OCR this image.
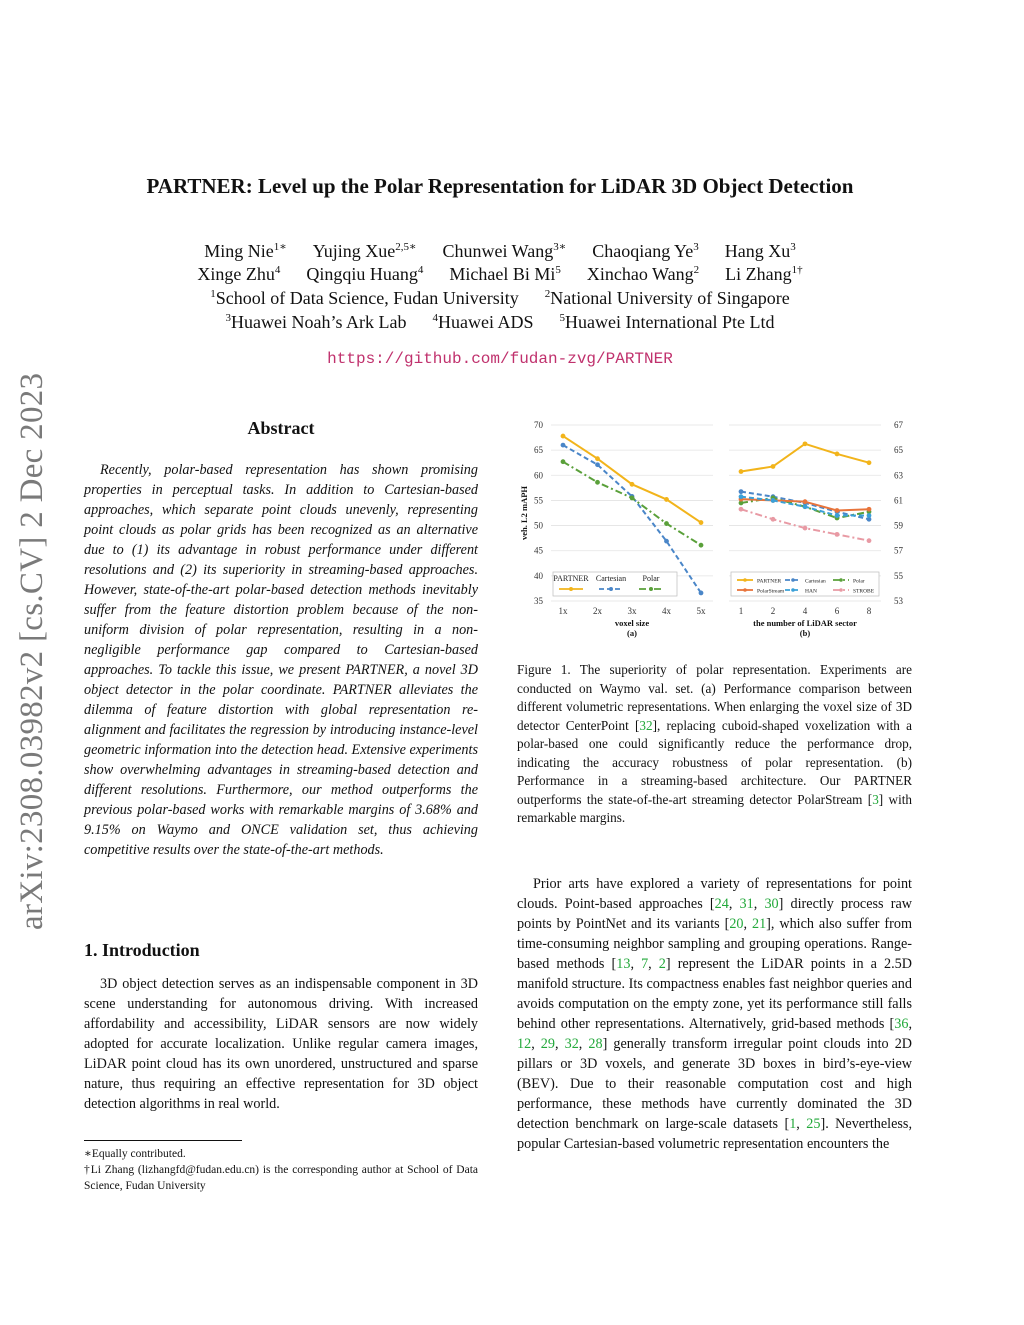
arXiv:2308.03982v2 [cs.CV] 2 Dec 2023
PARTNER: Level up the Polar Representation for LiDAR 3D Object Detection
Ming Nie$^{1∗}$ Yujing Xue$^{2,5∗}$ Chunwei Wang$^{3∗}$ Chaoqiang Ye$^3$ Hang Xu$^3$
Xinge Zhu$^4$ Qingqiu Huang$^4$ Michael Bi Mi$^5$ Xinchao Wang$^2$ Li Zhang$^{1\dagger}$
$^1$School of Data Science, Fudan University $^2$National University of Singapore
$^3$Huawei Noah’s Ark Lab $^4$Huawei ADS $^5$Huawei International Pte Ltd
https://github.com/fudan-zvg/PARTNER
Abstract
Recently, polar-based representation has shown promising properties in perceptual tasks. In addition to Cartesian-based approaches, which separate point clouds unevenly, representing point clouds as polar grids has been recognized as an alternative due to (1) its advantage in robust performance under different resolutions and (2) its superiority in streaming-based approaches. However, state-of-the-art polar-based detection methods inevitably suffer from the feature distortion problem because of the non-uniform division of polar representation, resulting in a non-negligible performance gap compared to Cartesian-based approaches. To tackle this issue, we present PARTNER, a novel 3D object detector in the polar coordinate. PARTNER alleviates the dilemma of feature distortion with global representation re-alignment and facilitates the regression by introducing instance-level geometric information into the detection head. Extensive experiments show overwhelming advantages in streaming-based detection and different resolutions. Furthermore, our method outperforms the previous polar-based works with remarkable margins of 3.68% and 9.15% on Waymo and ONCE validation set, thus achieving competitive results over the state-of-the-art methods.
1. Introduction
3D object detection serves as an indispensable component in 3D scene understanding for autonomous driving. With increased affordability and accessibility, LiDAR sensors are now widely adopted for accurate localization. Unlike regular camera images, LiDAR point cloud has its own unordered, unstructured and sparse nature, thus requiring an effective representation for 3D object detection algorithms in real world.
∗Equally contributed.
†Li Zhang (lizhangfd@fudan.edu.cn) is the corresponding author at School of Data Science, Fudan University
35
40
45
50
55
60
65
70
1x	2x	3x	4x	5x
voxel size
(a)
veh. L2 mAPH
PARTNER Cartesian Polar
53
55
57
59
61
63
65
67
1	2	4	6	8
the number of LiDAR sector
(b)
PARTNER	Cartesian	Polar
PolarStream	HAN	STROBE
Figure 1. The superiority of polar representation. Experiments are conducted on Waymo val. set. (a) Performance comparison between different volumetric representations. When enlarging the voxel size of 3D detector CenterPoint [32], replacing cuboid-shaped voxelization with a polar-based one could significantly reduce the performance drop, indicating the accuracy robustness of polar representation. (b) Performance in a streaming-based architecture. Our PARTNER outperforms the state-of-the-art streaming detector PolarStream [3] with remarkable margins.
Prior arts have explored a variety of representations for point clouds. Point-based approaches [24, 31, 30] directly process raw points by PointNet and its variants [20, 21], which also suffer from time-consuming neighbor sampling and grouping operations. Range-based methods [13, 7, 2] represent the LiDAR points in a 2.5D manifold structure. Its compactness enables fast neighbor queries and avoids computation on the empty zone, yet its performance still falls behind other representations. Alternatively, grid-based methods [36, 12, 29, 32, 28] generally transform irregular point clouds into 2D pillars or 3D voxels, and generate 3D boxes in bird’s-eye-view (BEV). Due to their reasonable computation cost and high performance, these methods have currently dominated the 3D detection benchmark on large-scale datasets [1, 25]. Nevertheless, popular Cartesian-based volumetric representation encounters the
